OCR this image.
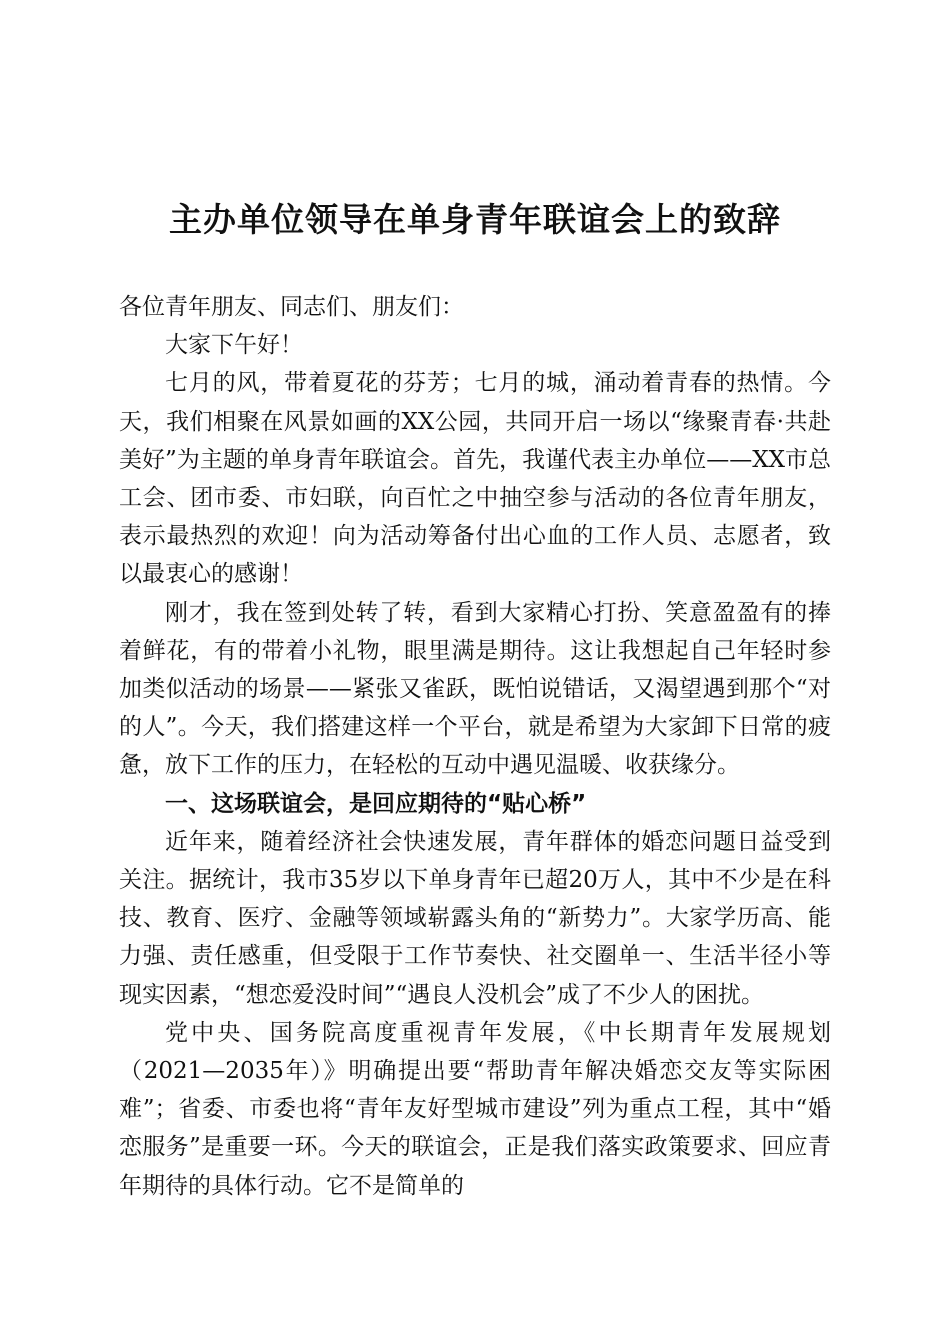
主办单位领导在单身青年联谊会上的致辞

各位青年朋友、同志们、朋友们：

大家下午好！

七月的风，带着夏花的芬芳；七月的城，涌动着青春的热情。今天，我们相聚在风景如画的XX公园，共同开启一场以“缘聚青春·共赴美好”为主题的单身青年联谊会。首先，我谨代表主办单位——XX市总工会、团市委、市妇联，向百忙之中抽空参与活动的各位青年朋友，表示最热烈的欢迎！向为活动筹备付出心血的工作人员、志愿者，致以最衷心的感谢！

刚才，我在签到处转了转，看到大家精心打扮、笑意盈盈有的捧着鲜花，有的带着小礼物，眼里满是期待。这让我想起自己年轻时参加类似活动的场景——紧张又雀跃，既怕说错话，又渴望遇到那个“对的人”。今天，我们搭建这样一个平台，就是希望为大家卸下日常的疲惫，放下工作的压力，在轻松的互动中遇见温暖、收获缘分。

一、这场联谊会，是回应期待的“贴心桥”

近年来，随着经济社会快速发展，青年群体的婚恋问题日益受到关注。据统计，我市35岁以下单身青年已超20万人，其中不少是在科技、教育、医疗、金融等领域崭露头角的“新势力”。大家学历高、能力强、责任感重，但受限于工作节奏快、社交圈单一、生活半径小等现实因素，“想恋爱没时间”“遇良人没机会”成了不少人的困扰。

党中央、国务院高度重视青年发展，《中长期青年发展规划（2021—2035年）》明确提出要“帮助青年解决婚恋交友等实际困难”；省委、市委也将“青年友好型城市建设”列为重点工程，其中“婚恋服务”是重要一环。今天的联谊会，正是我们落实政策要求、回应青年期待的具体行动。它不是简单的
